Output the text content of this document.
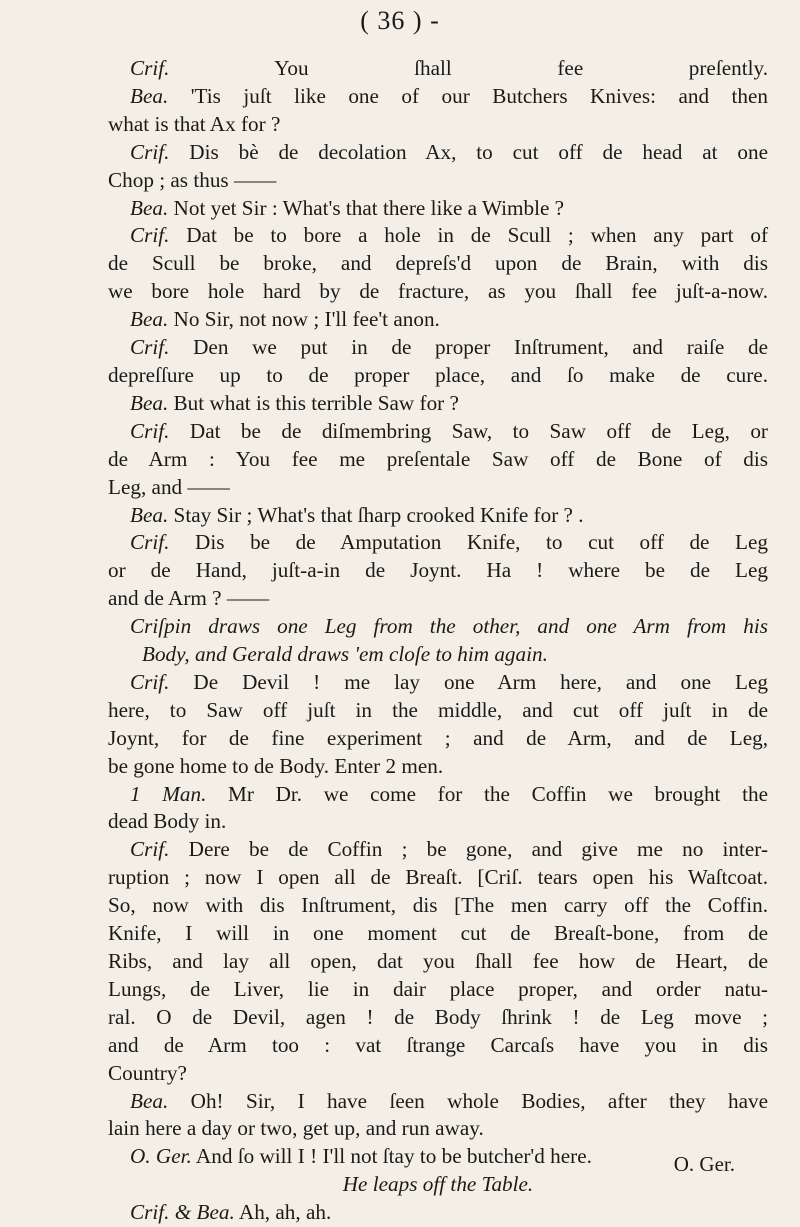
( 36 ) -
Crif. You ſhall fee preſently.
Bea. 'Tis juſt like one of our Butchers Knives: and then
what is that Ax for ?
Crif. Dis bè de decolation Ax, to cut off de head at one
Chop ; as thus ——
Bea. Not yet Sir : What's that there like a Wimble ?
Crif. Dat be to bore a hole in de Scull ; when any part of
de Scull be broke, and depreſs'd upon de Brain, with dis
we bore hole hard by de fracture, as you ſhall fee juſt-a-now.
Bea. No Sir, not now ; I'll fee't anon.
Crif. Den we put in de proper Inſtrument, and raiſe de
depreſſure up to de proper place, and ſo make de cure.
Bea. But what is this terrible Saw for ?
Crif. Dat be de diſmembring Saw, to Saw off de Leg, or
de Arm : You fee me preſentale Saw off de Bone of dis
Leg, and ——
Bea. Stay Sir ; What's that ſharp crooked Knife for ? .
Crif. Dis be de Amputation Knife, to cut off de Leg
or de Hand, juſt-a-in de Joynt. Ha ! where be de Leg
and de Arm ? ——
Criſpin draws one Leg from the other, and one Arm from his
Body, and Gerald draws 'em cloſe to him again.
Crif. De Devil ! me lay one Arm here, and one Leg
here, to Saw off juſt in the middle, and cut off juſt in de
Joynt, for de fine experiment ; and de Arm, and de Leg,
be gone home to de Body. Enter 2 men.
1 Man. Mr Dr. we come for the Coffin we brought the
dead Body in.
Crif. Dere be de Coffin ; be gone, and give me no inter-
ruption ; now I open all de Breaſt. [Criſ. tears open his Waſtcoat.
So, now with dis Inſtrument, dis [The men carry off the Coffin.
Knife, I will in one moment cut de Breaſt-bone, from de
Ribs, and lay all open, dat you ſhall fee how de Heart, de
Lungs, de Liver, lie in dair place proper, and order natu-
ral. O de Devil, agen ! de Body ſhrink ! de Leg move ;
and de Arm too : vat ſtrange Carcaſs have you in dis
Country?
Bea. Oh! Sir, I have ſeen whole Bodies, after they have
lain here a day or two, get up, and run away.
O. Ger. And ſo will I ! I'll not ſtay to be butcher'd here.
He leaps off the Table.
Crif. & Bea. Ah, ah, ah.
O. Ger.
